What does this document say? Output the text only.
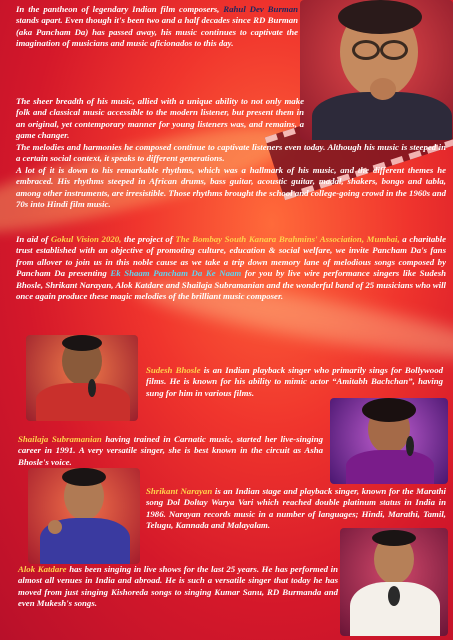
In the pantheon of legendary Indian film composers, Rahul Dev Burman stands apart. Even though it's been two and a half decades since RD Burman (aka Pancham Da) has passed away, his music continues to captivate the imagination of musicians and music aficionados to this day.

The sheer breadth of his music, allied with a unique ability to not only make folk and classical music accessible to the modern listener, but present them in an original, yet contemporary manner for young listeners was, and remains, a game changer.

The melodies and harmonies he composed continue to captivate listeners even today. Although his music is steeped in a certain social context, it speaks to different generations.

A lot of it is down to his remarkable rhythms, which was a hallmark of his music, and the different themes he embraced. His rhythms steeped in African drums, bass guitar, acoustic guitar, madal, shakers, bongo and tabla, among other instruments, are irresistible. Those rhythms brought the school and college-going crowd in the 1960s and 70s into Hindi film music.

In aid of Gokul Vision 2020, the project of The Bombay South Kanara Brahmins' Association, Mumbai, a charitable trust established with an objective of promoting culture, education & social welfare, we invite Pancham Da's fans from allover to join us in this noble cause as we take a trip down memory lane of melodious songs composed by Pancham Da presenting Ek Shaam Pancham Da Ke Naam for you by live wire performance singers like Sudesh Bhosle, Shrikant Narayan, Alok Katdare and Shailaja Subramanian and the wonderful band of 25 musicians who will once again produce these magic melodies of the brilliant music composer.

Sudesh Bhosle is an Indian playback singer who primarily sings for Bollywood films. He is known for his ability to mimic actor “Amitabh Bachchan”, having sung for him in various films.

Shailaja Subramanian having trained in Carnatic music, started her live-singing career in 1991. A very versatile singer, she is best known in the circuit as Asha Bhosle's voice.

Shrikant Narayan is an Indian stage and playback singer, known for the Marathi song Dol Doltay Warya Vari which reached double platinum status in India in 1986. Narayan records music in a number of languages; Hindi, Marathi, Tamil, Telugu, Kannada and Malayalam.

Alok Katdare has been singing in live shows for the last 25 years. He has performed in almost all venues in India and abroad. He is such a versatile singer that today he has moved from just singing Kishoreda songs to singing Kumar Sanu, RD Burmanda and even Mukesh's songs.
